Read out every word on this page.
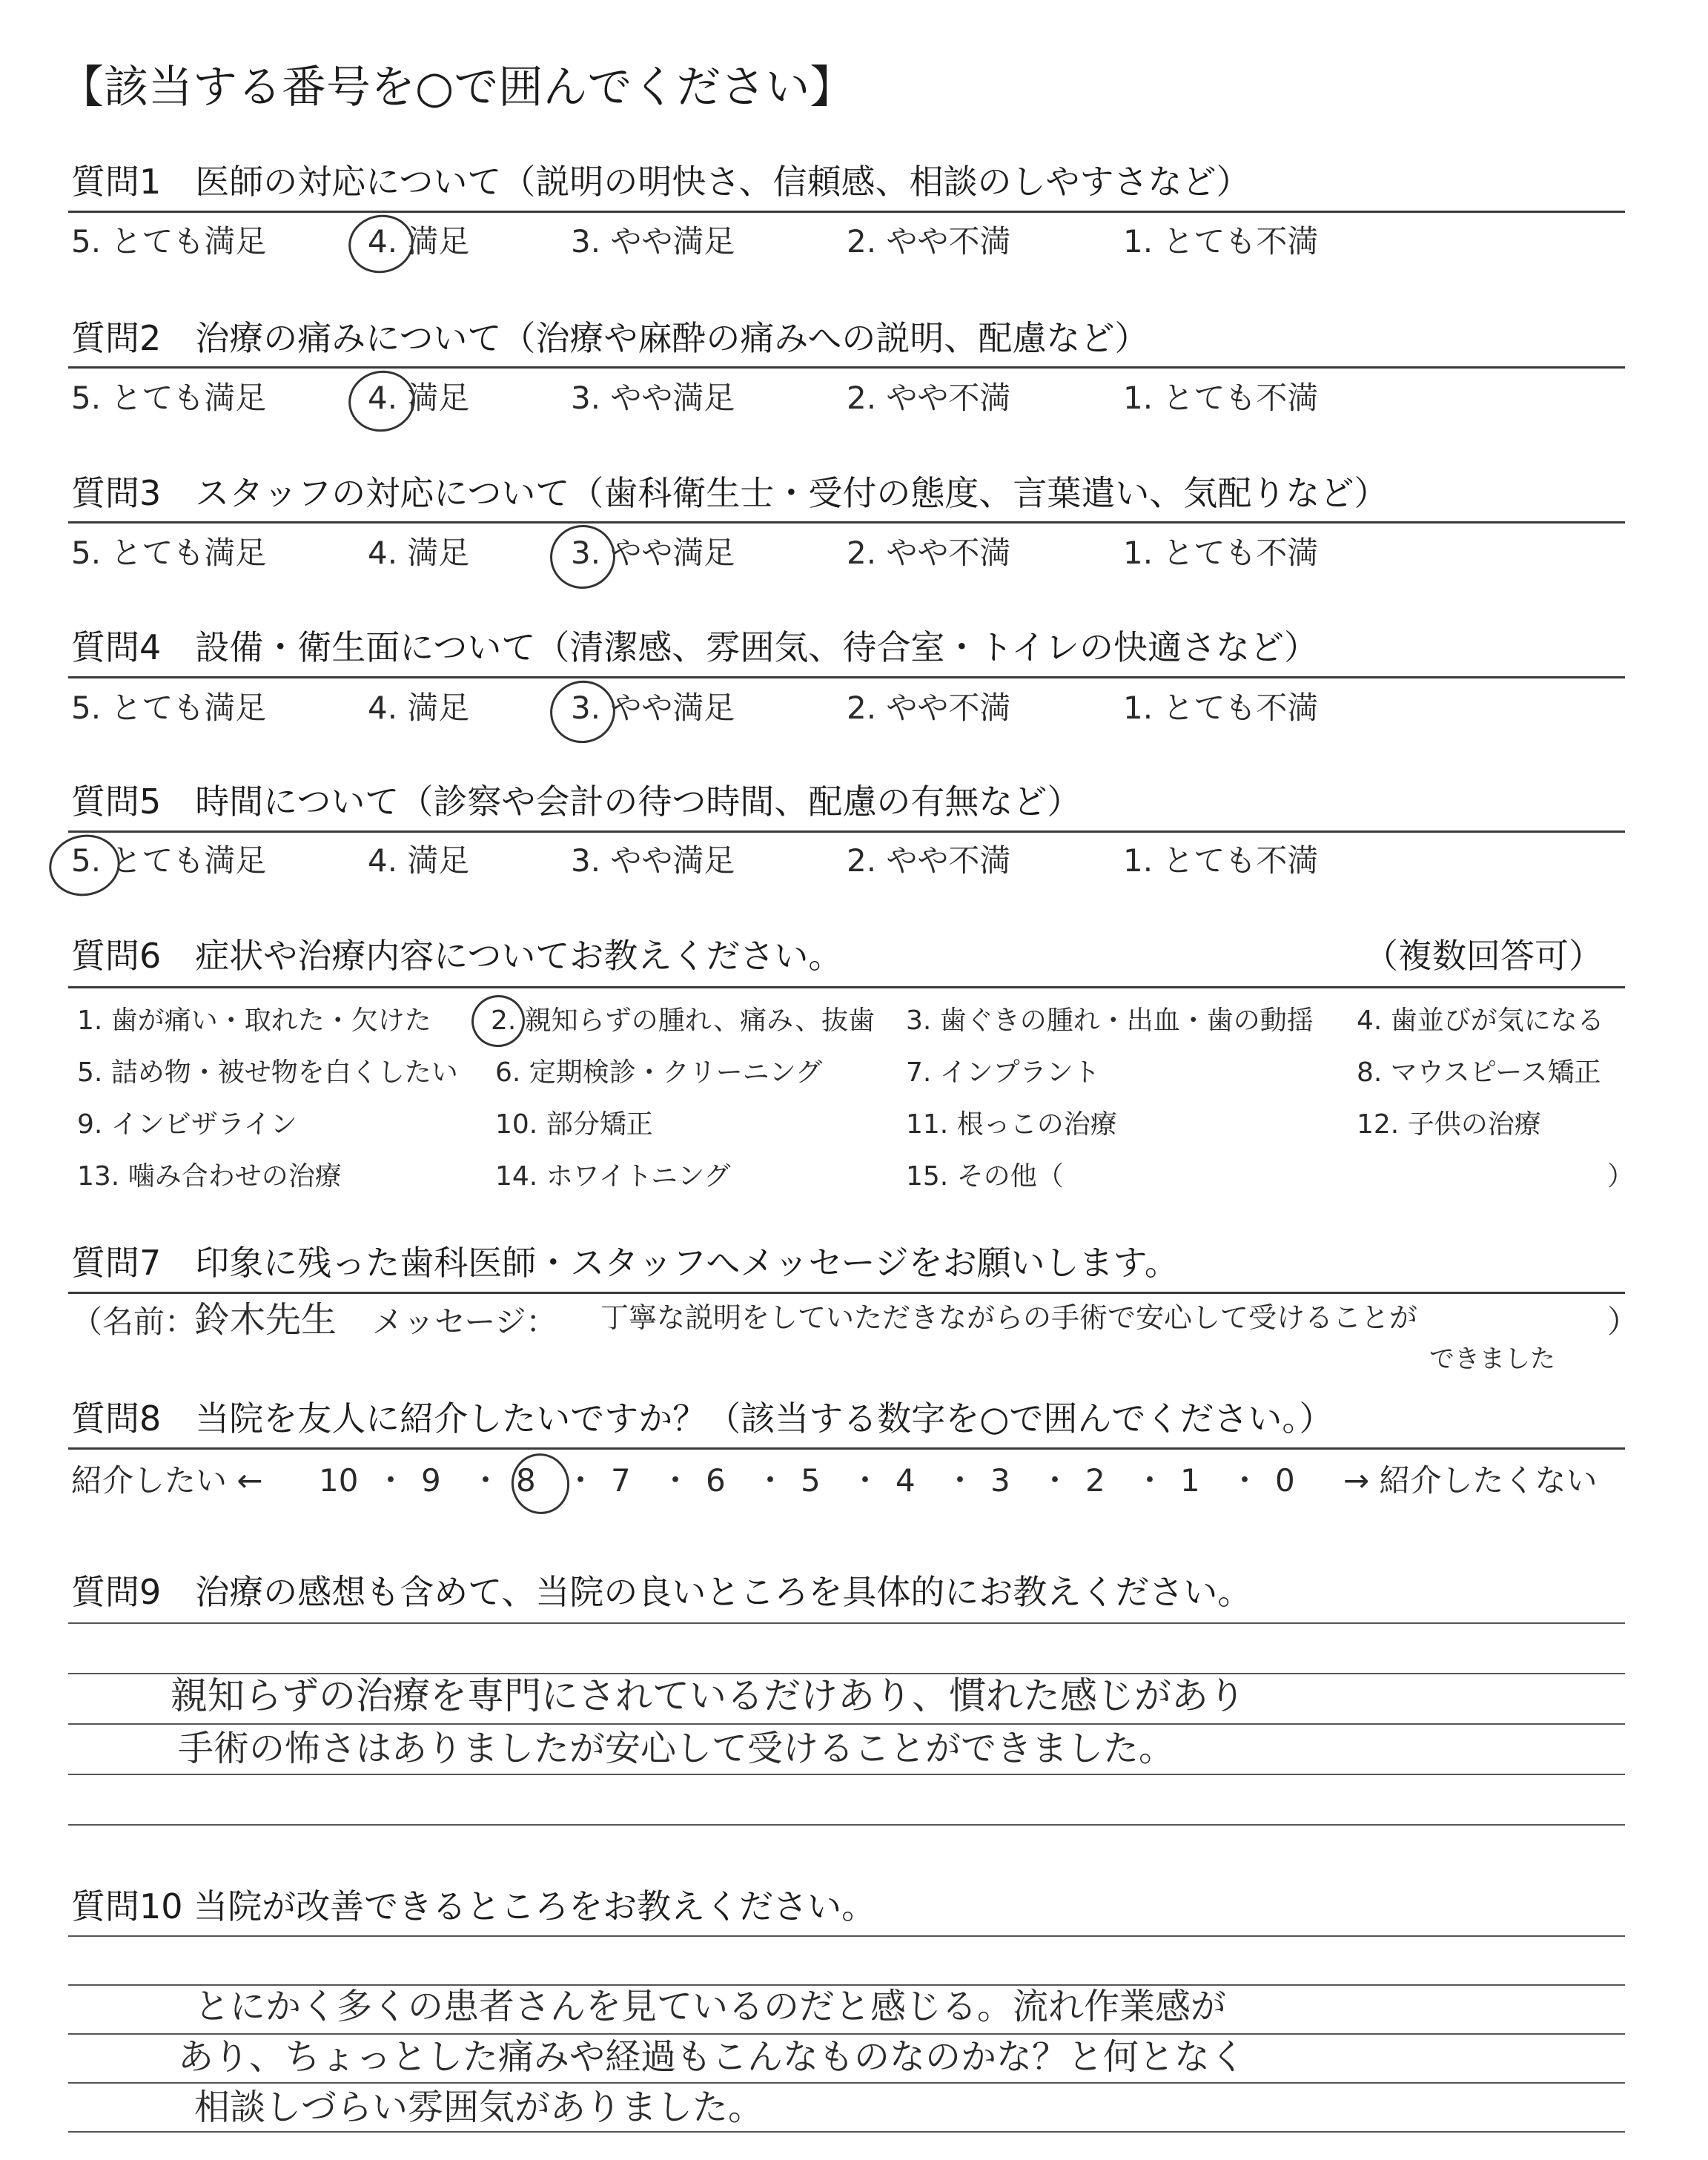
【該当する番号を○で囲んでください】
質問1　医師の対応について（説明の明快さ、信頼感、相談のしやすさなど）
5. とても満足	4. 満足	3. やや満足	2. やや不満	1. とても不満
質問2　治療の痛みについて（治療や麻酔の痛みへの説明、配慮など）
5. とても満足	4. 満足	3. やや満足	2. やや不満	1. とても不満
質問3　スタッフの対応について（歯科衛生士・受付の態度、言葉遣い、気配りなど）
5. とても満足	4. 満足	3. やや満足	2. やや不満	1. とても不満
質問4　設備・衛生面について（清潔感、雰囲気、待合室・トイレの快適さなど）
5. とても満足	4. 満足	3. やや満足	2. やや不満	1. とても不満
質問5　時間について（診察や会計の待つ時間、配慮の有無など）
5. とても満足	4. 満足	3. やや満足	2. やや不満	1. とても不満
質問6　症状や治療内容についてお教えください。	（複数回答可）
1. 歯が痛い・取れた・欠けた 2. 親知らずの腫れ、痛み、抜歯 3. 歯ぐきの腫れ・出血・歯の動揺 4. 歯並びが気になる
5. 詰め物・被せ物を白くしたい 6. 定期検診・クリーニング	7. インプラント	8. マウスピース矯正
9. インビザライン	10. 部分矯正	11. 根っこの治療	12. 子供の治療
13. 噛み合わせの治療	14. ホワイトニング	15. その他（	）
質問7　印象に残った歯科医師・スタッフへメッセージをお願いします。
（名前：
鈴木先生 メッセージ： 丁寧な説明をしていただきながらの手術で安心して受けることが
できました
）
質問8　当院を友人に紹介したいですか？（該当する数字を○で囲んでください。）
紹介したい ← 10 ・ 9 ・ 8 ・ 7 ・ 6 ・ 5 ・ 4 ・ 3 ・ 2 ・ 1 ・ 0 → 紹介したくない
質問9　治療の感想も含めて、当院の良いところを具体的にお教えください。
親知らずの治療を専門にされているだけあり、慣れた感じがあり
手術の怖さはありましたが安心して受けることができました。
質問10 当院が改善できるところをお教えください。
とにかく多くの患者さんを見ているのだと感じる。流れ作業感が
あり、ちょっとした痛みや経過もこんなものなのかな？と何となく
相談しづらい雰囲気がありました。
